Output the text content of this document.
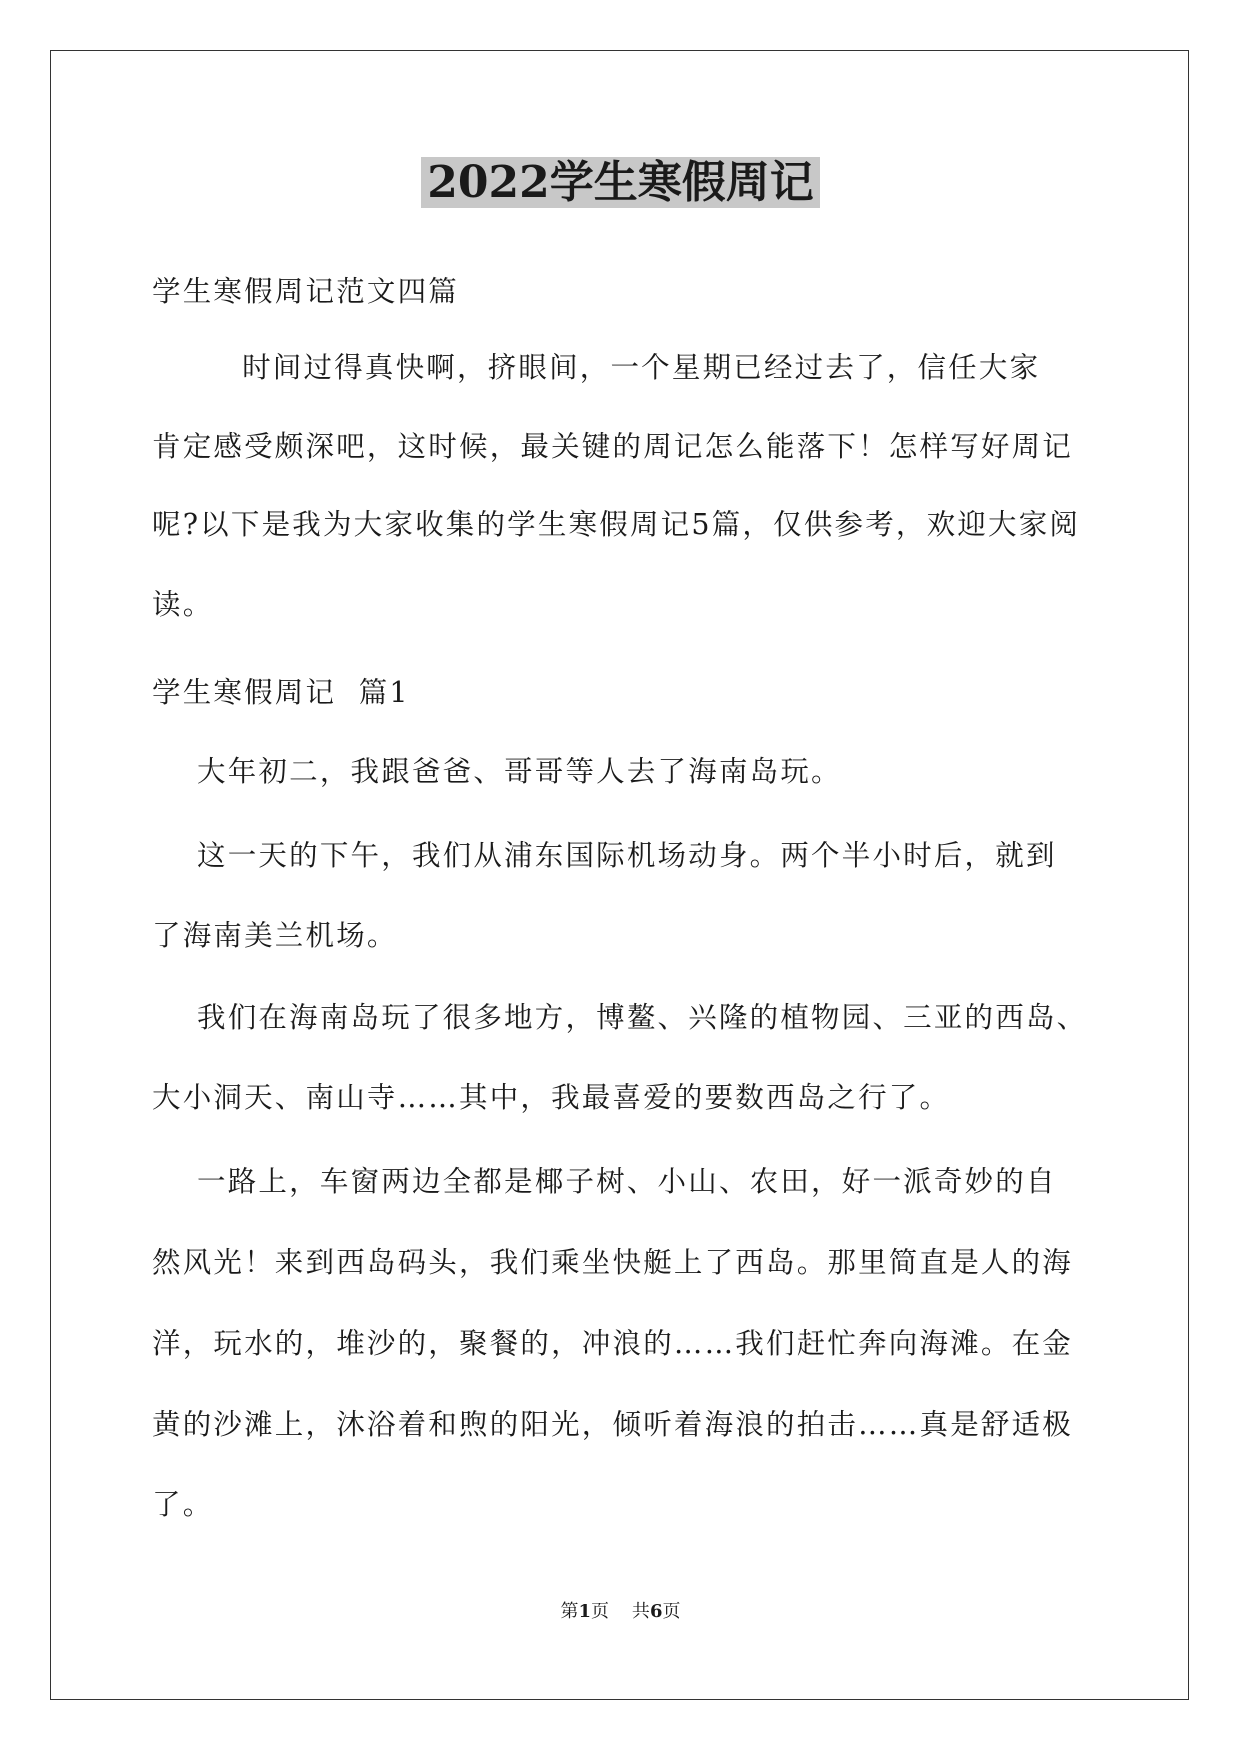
2022学生寒假周记
学生寒假周记范文四篇
时间过得真快啊，挤眼间，一个星期已经过去了，信任大家
肯定感受颇深吧，这时候，最关键的周记怎么能落下！怎样写好周记
呢?以下是我为大家收集的学生寒假周记5篇，仅供参考，欢迎大家阅
读。
学生寒假周记  篇1
大年初二，我跟爸爸、哥哥等人去了海南岛玩。
这一天的下午，我们从浦东国际机场动身。两个半小时后，就到
了海南美兰机场。
我们在海南岛玩了很多地方，博鳌、兴隆的植物园、三亚的西岛、
大小洞天、南山寺……其中，我最喜爱的要数西岛之行了。
一路上，车窗两边全都是椰子树、小山、农田，好一派奇妙的自
然风光！来到西岛码头，我们乘坐快艇上了西岛。那里简直是人的海
洋，玩水的，堆沙的，聚餐的，冲浪的……我们赶忙奔向海滩。在金
黄的沙滩上，沐浴着和煦的阳光，倾听着海浪的拍击……真是舒适极
了。
第1页    共6页
